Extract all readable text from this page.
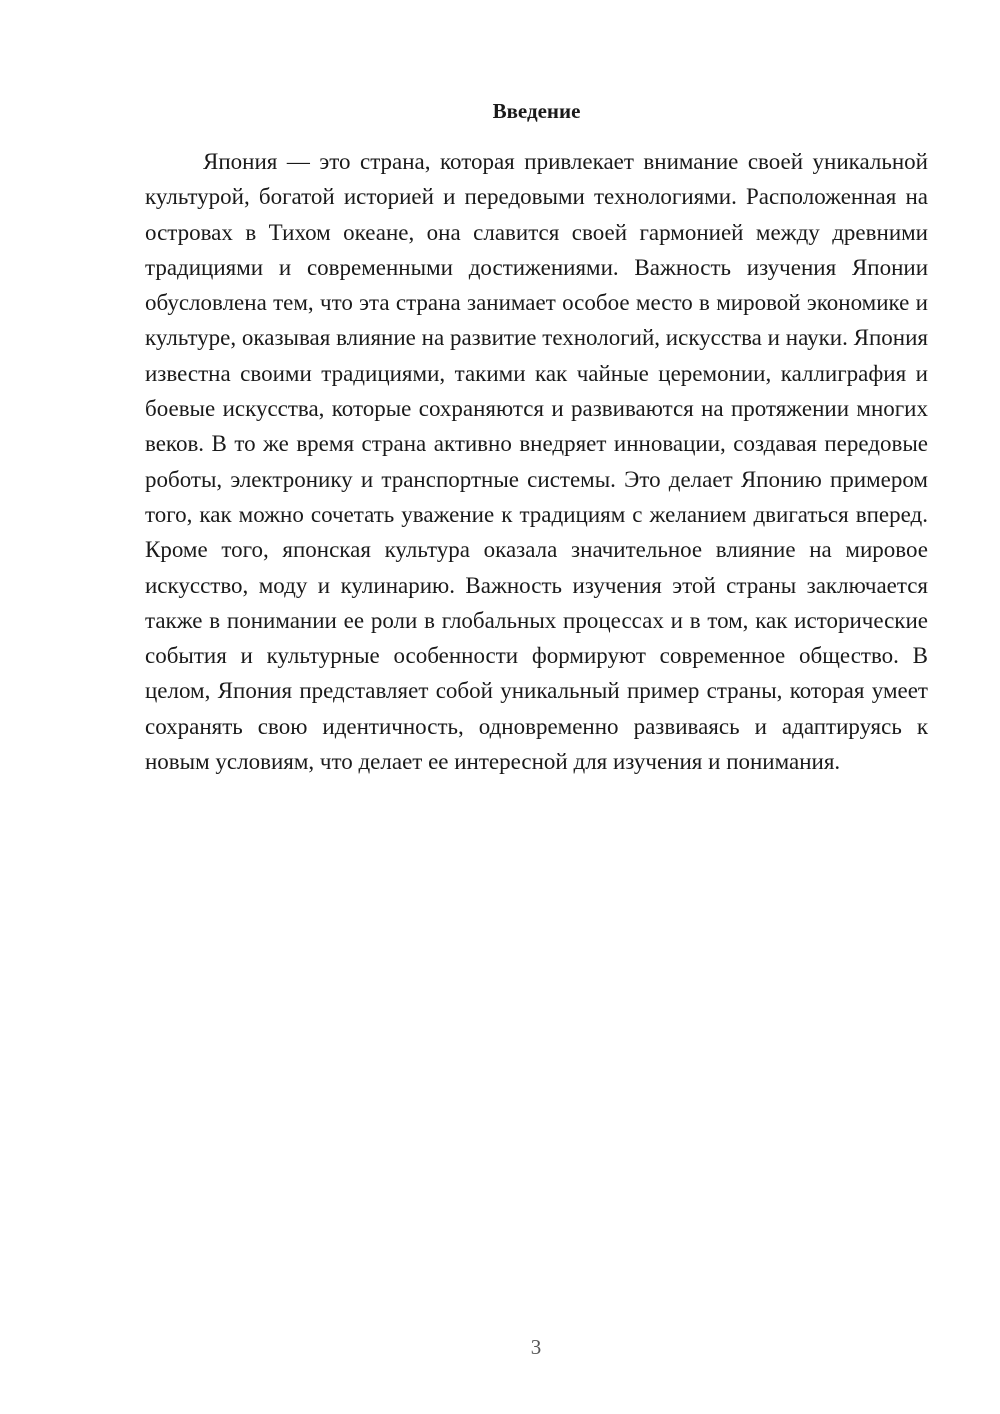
Введение

Япония — это страна, которая привлекает внимание своей уникальной культурой, богатой историей и передовыми технологиями. Расположенная на островах в Тихом океане, она славится своей гармонией между древними традициями и современными достижениями. Важность изучения Японии обусловлена тем, что эта страна занимает особое место в мировой экономике и культуре, оказывая влияние на развитие технологий, искусства и науки. Япония известна своими традициями, такими как чайные церемонии, каллиграфия и боевые искусства, которые сохраняются и развиваются на протяжении многих веков. В то же время страна активно внедряет инновации, создавая передовые роботы, электронику и транспортные системы. Это делает Японию примером того, как можно сочетать уважение к традициям с желанием двигаться вперед. Кроме того, японская культура оказала значительное влияние на мировое искусство, моду и кулинарию. Важность изучения этой страны заключается также в понимании ее роли в глобальных процессах и в том, как исторические события и культурные особенности формируют современное общество. В целом, Япония представляет собой уникальный пример страны, которая умеет сохранять свою идентичность, одновременно развиваясь и адаптируясь к новым условиям, что делает ее интересной для изучения и понимания.

3
